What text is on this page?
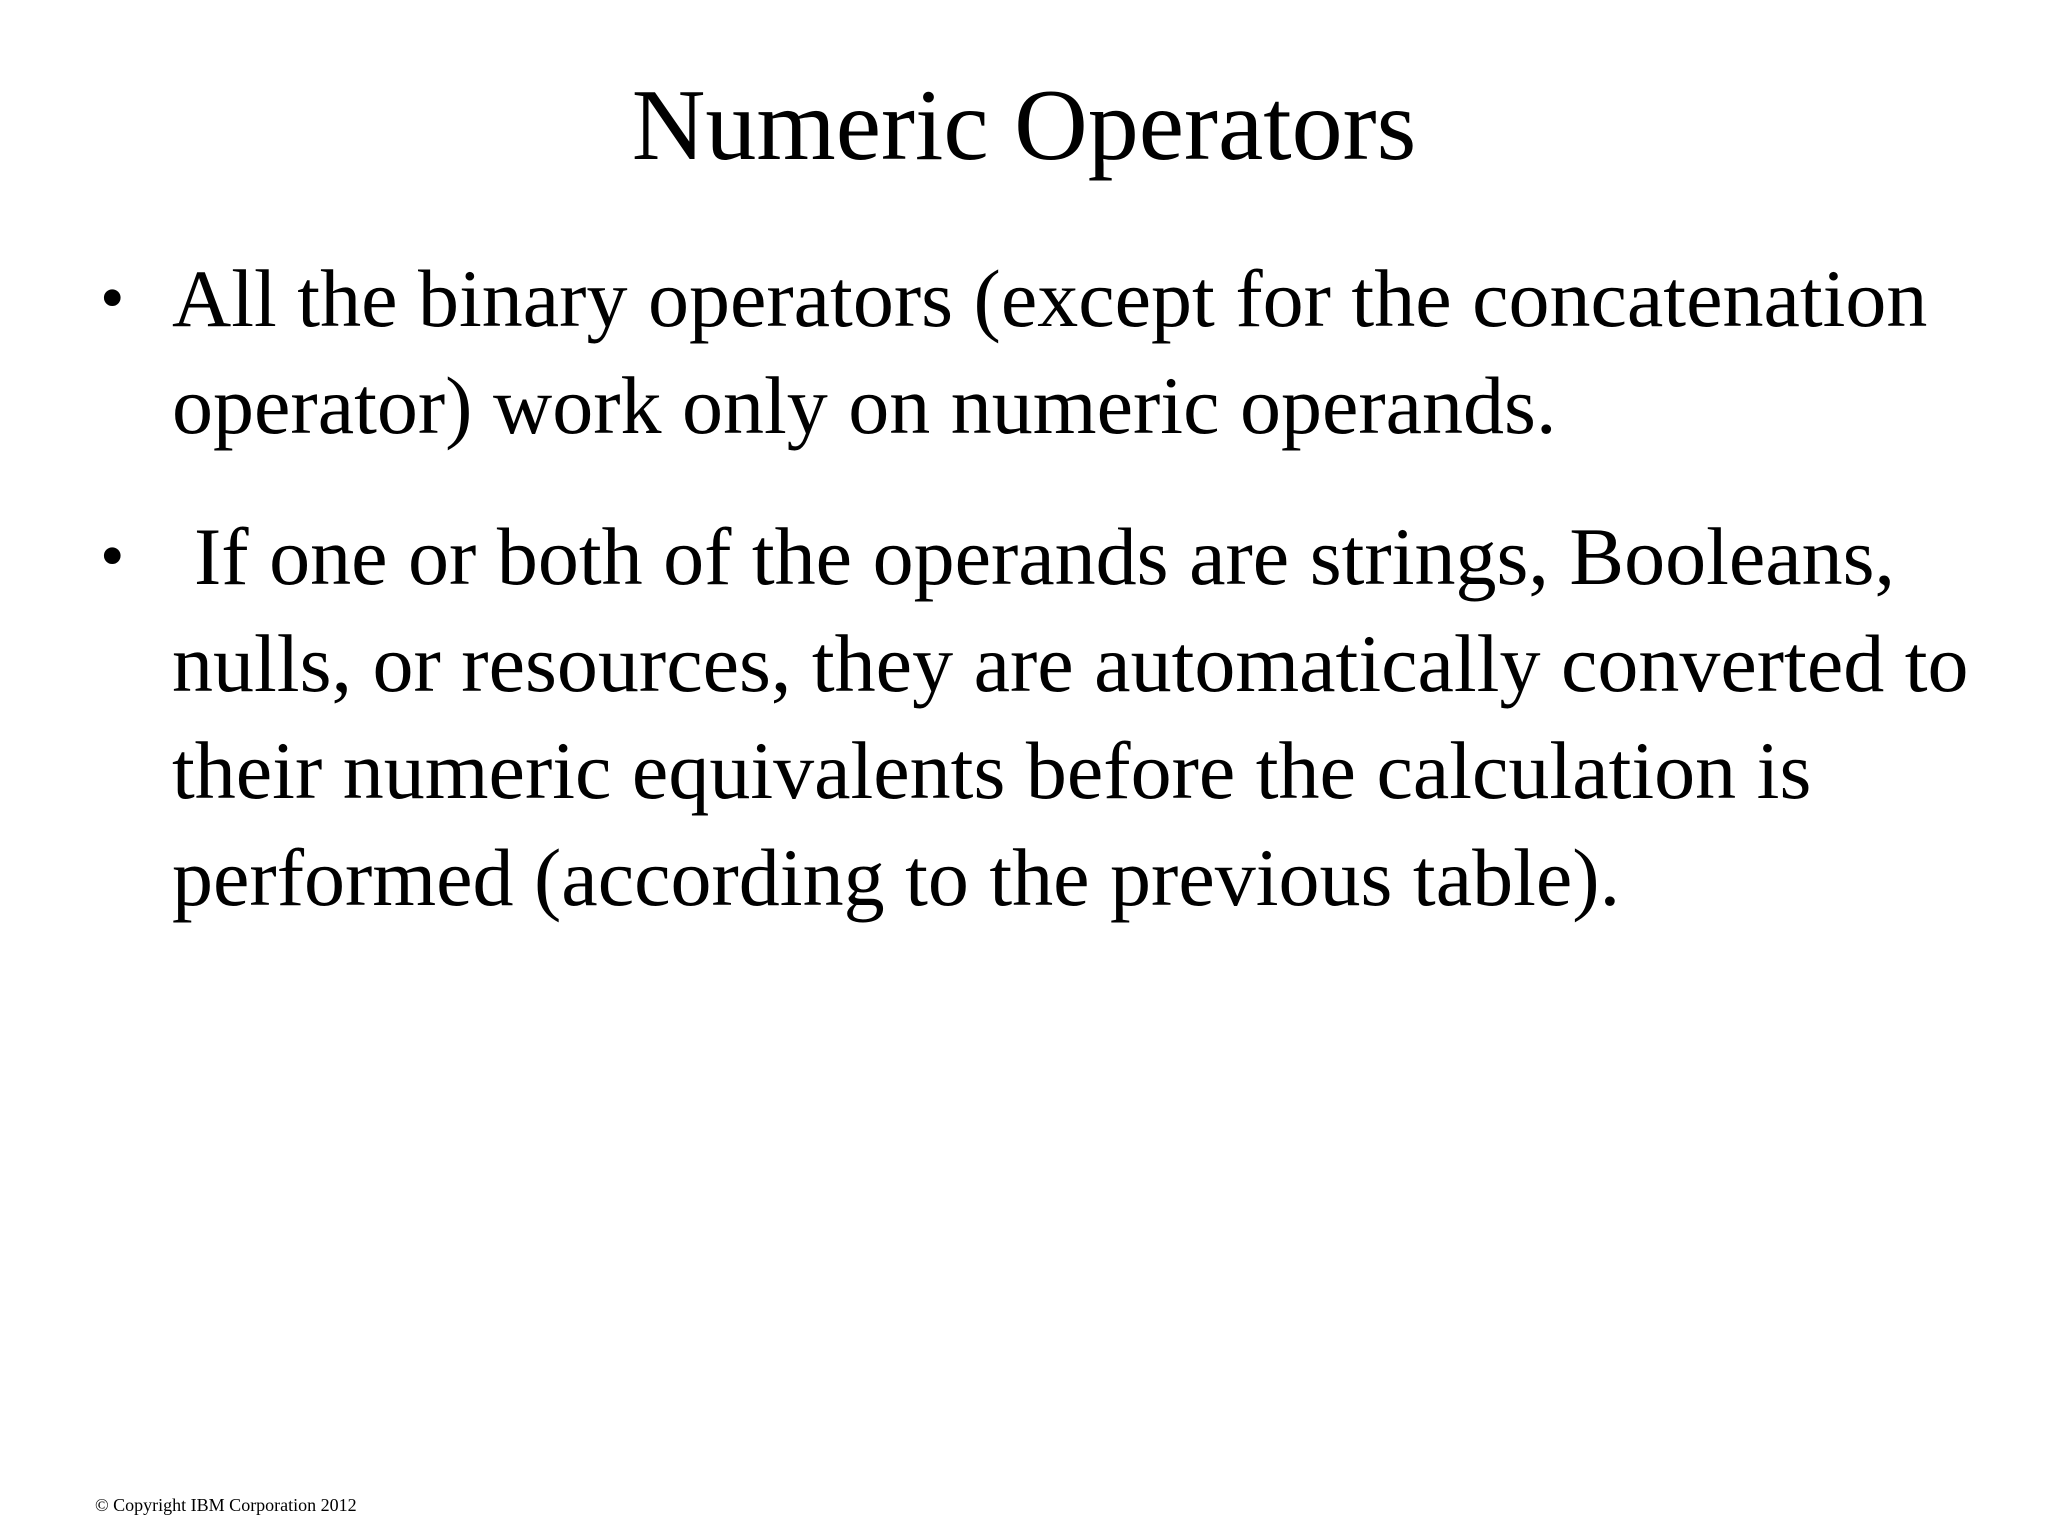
Numeric Operators
• All the binary operators (except for the concatenation operator) work only on numeric operands.
• If one or both of the operands are strings, Booleans, nulls, or resources, they are automatically converted to their numeric equivalents before the calculation is performed (according to the previous table).
© Copyright IBM Corporation 2012
